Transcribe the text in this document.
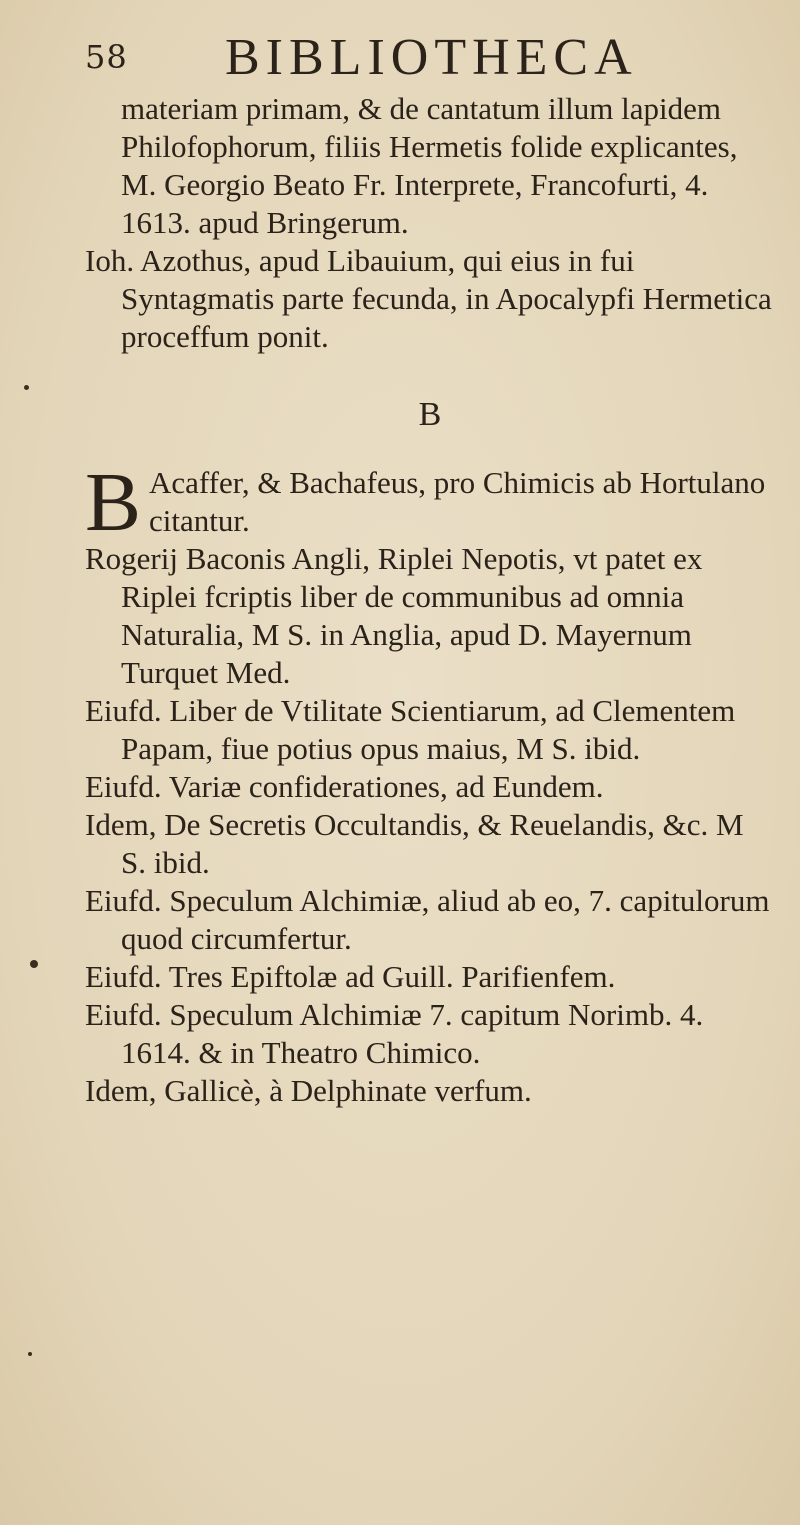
58 BIBLIOTHECA

materiam primam, & de cantatum illum lapidem Philofophorum, filiis Hermetis folide explicantes, M. Georgio Beato Fr. Interprete, Francofurti, 4. 1613. apud Bringerum.

Ioh. Azothus, apud Libauium, qui eius in fui Syntagmatis parte fecunda, in Apocalypfi Hermetica proceffum ponit.

B

B Acaffer, & Bachafeus, pro Chimicis ab Hortulano citantur.

Rogerij Baconis Angli, Riplei Nepotis, vt patet ex Riplei fcriptis liber de communibus ad omnia Naturalia, M S. in Anglia, apud D. Mayernum Turquet Med.

Eiufd. Liber de Vtilitate Scientiarum, ad Clementem Papam, fiue potius opus maius, M S. ibid.

Eiufd. Variæ confiderationes, ad Eundem.

Idem, De Secretis Occultandis, & Reuelandis, &c. M S. ibid.

Eiufd. Speculum Alchimiæ, aliud ab eo, 7. capitulorum quod circumfertur.

Eiufd. Tres Epiftolæ ad Guill. Parifienfem.

Eiufd. Speculum Alchimiæ 7. capitum Norimb. 4. 1614. & in Theatro Chimico.

Idem, Gallicè, à Delphinate verfum.
